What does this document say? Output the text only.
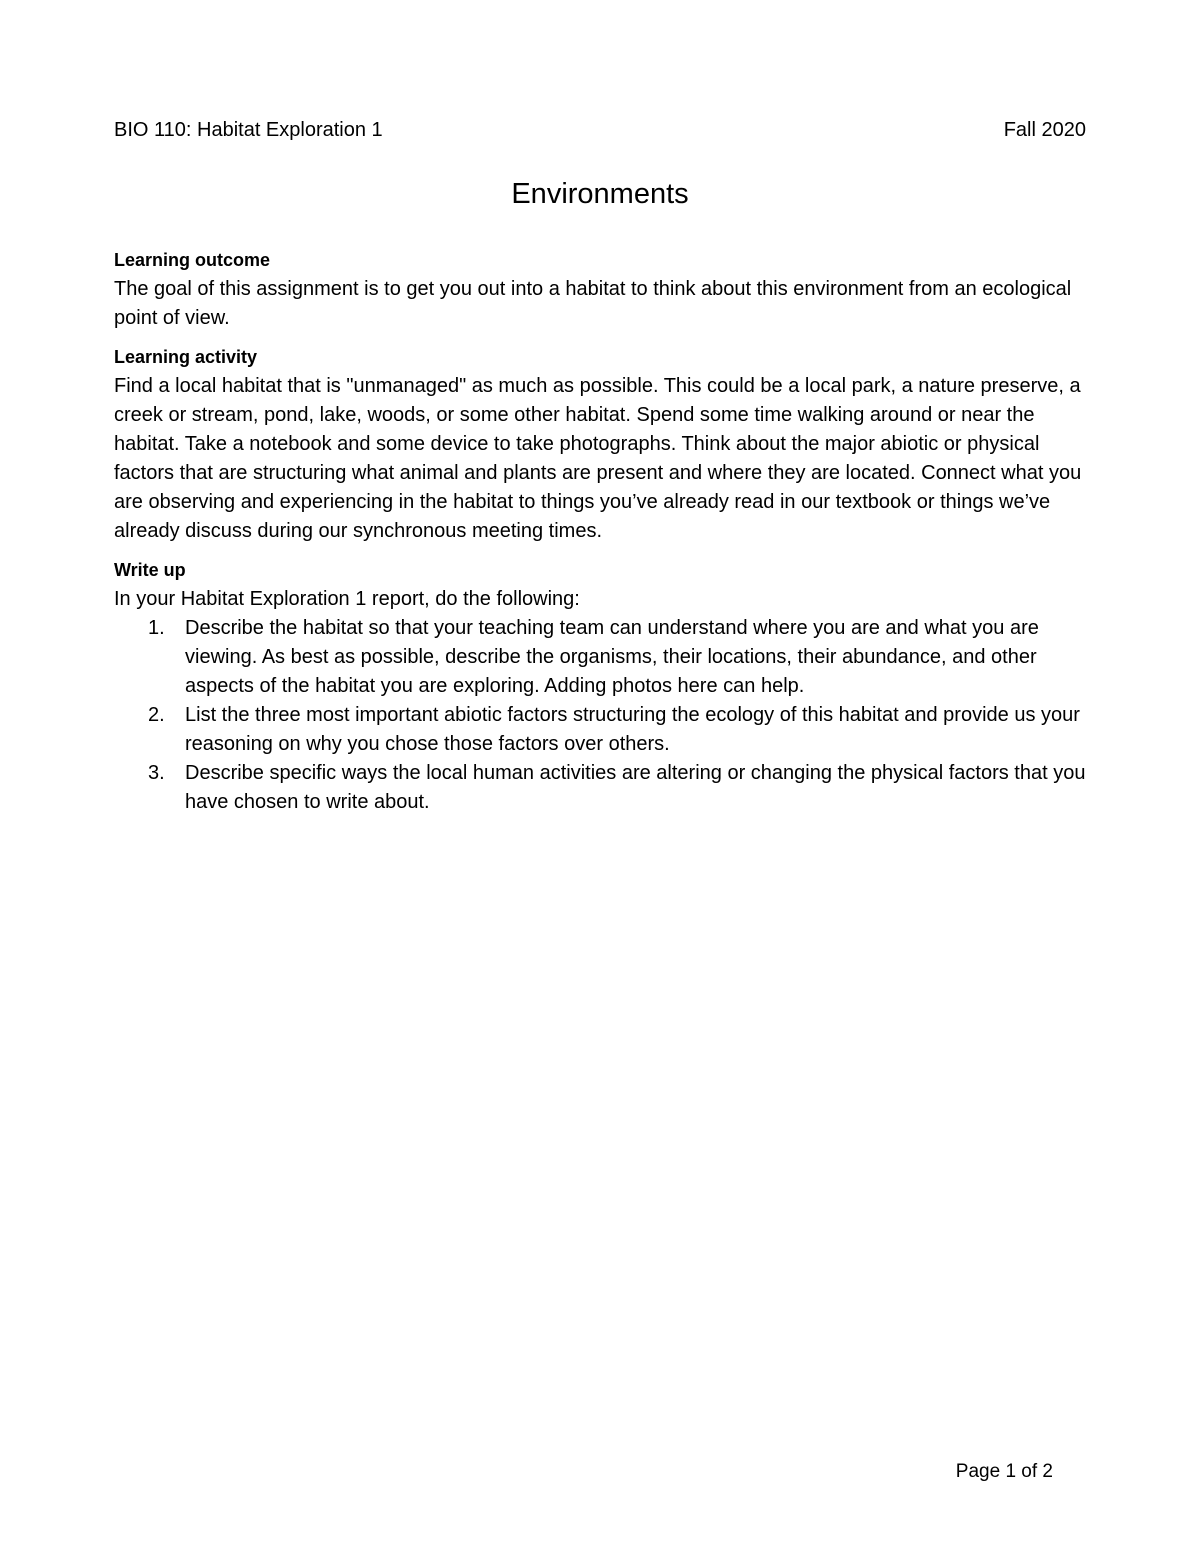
BIO 110: Habitat Exploration 1	Fall 2020
Environments

Learning outcome

The goal of this assignment is to get you out into a habitat to think about this environment from an ecological point of view.

Learning activity

Find a local habitat that is "unmanaged" as much as possible. This could be a local park, a nature preserve, a creek or stream, pond, lake, woods, or some other habitat. Spend some time walking around or near the habitat. Take a notebook and some device to take photographs. Think about the major abiotic or physical factors that are structuring what animal and plants are present and where they are located. Connect what you are observing and experiencing in the habitat to things you’ve already read in our textbook or things we’ve already discuss during our synchronous meeting times.

Write up

In your Habitat Exploration 1 report, do the following:

1. Describe the habitat so that your teaching team can understand where you are and what you are viewing. As best as possible, describe the organisms, their locations, their abundance, and other aspects of the habitat you are exploring. Adding photos here can help.
2. List the three most important abiotic factors structuring the ecology of this habitat and provide us your reasoning on why you chose those factors over others.
3. Describe specific ways the local human activities are altering or changing the physical factors that you have chosen to write about.
Page 1 of 2
